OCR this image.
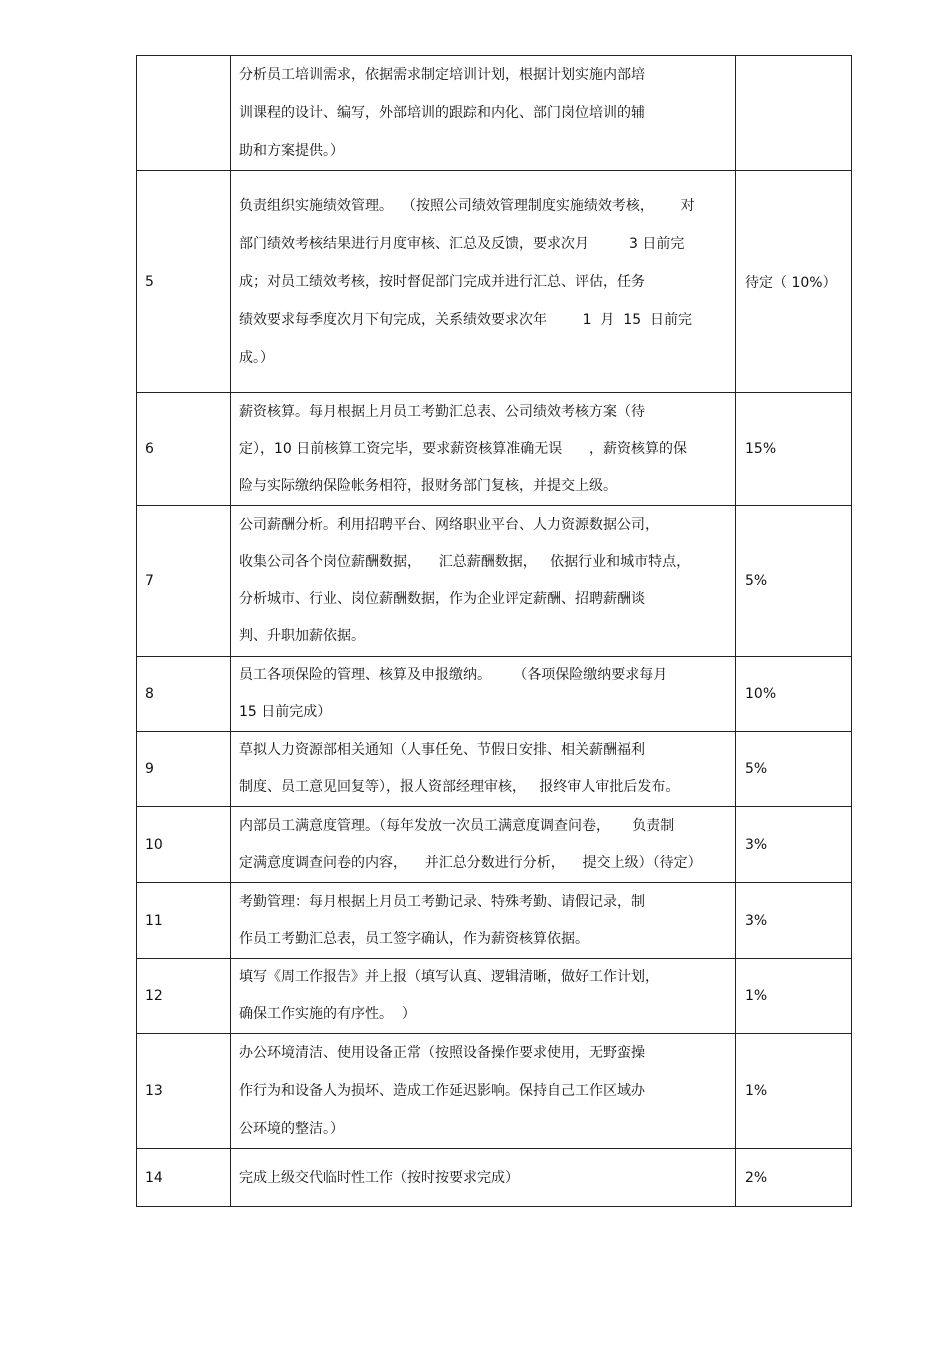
	分析员工培训需求，依据需求制定培训计划，根据计划实施内部培
训课程的设计、编写，外部培训的跟踪和内化、部门岗位培训的辅
助和方案提供。）	

5	负责组织实施绩效管理。  （按照公司绩效管理制度实施绩效考核，      对
部门绩效考核结果进行月度审核、汇总及反馈，要求次月         3 日前完
成；对员工绩效考核，按时督促部门完成并进行汇总、评估，任务
绩效要求每季度次月下旬完成，关系绩效要求次年        1  月  15  日前完
成。）	待定（ 10%）
6	薪资核算。每月根据上月员工考勤汇总表、公司绩效考核方案（待
定），10 日前核算工资完毕，要求薪资核算准确无误      ，薪资核算的保
险与实际缴纳保险帐务相符，报财务部门复核，并提交上级。	15%
7	公司薪酬分析。利用招聘平台、网络职业平台、人力资源数据公司，
收集公司各个岗位薪酬数据，    汇总薪酬数据，   依据行业和城市特点，
分析城市、行业、岗位薪酬数据，作为企业评定薪酬、招聘薪酬谈
判、升职加薪依据。	5%
8	员工各项保险的管理、核算及申报缴纳。     （各项保险缴纳要求每月
15 日前完成）	10%
9	草拟人力资源部相关通知（人事任免、节假日安排、相关薪酬福利
制度、员工意见回复等），报人资部经理审核，   报终审人审批后发布。	5%
10	内部员工满意度管理。（每年发放一次员工满意度调查问卷，     负责制
定满意度调查问卷的内容，    并汇总分数进行分析，    提交上级）（待定）	3%
11	考勤管理：每月根据上月员工考勤记录、特殊考勤、请假记录，制
作员工考勤汇总表，员工签字确认，作为薪资核算依据。	3%
12	填写《周工作报告》并上报（填写认真、逻辑清晰，做好工作计划，
确保工作实施的有序性。  ）	1%
13	办公环境清洁、使用设备正常（按照设备操作要求使用，无野蛮操
作行为和设备人为损坏、造成工作延迟影响。保持自己工作区域办
公环境的整洁。）	1%
14	完成上级交代临时性工作（按时按要求完成）	2%
